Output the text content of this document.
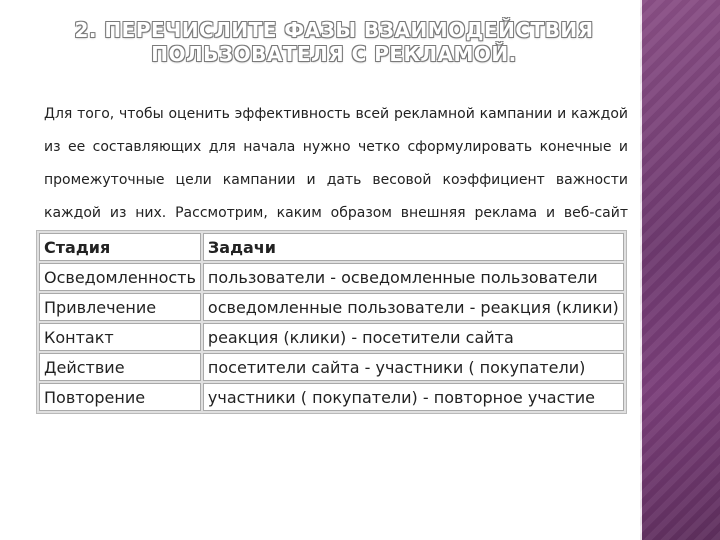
2. ПЕРЕЧИСЛИТЕ ФАЗЫ ВЗАИМОДЕЙСТВИЯ ПОЛЬЗОВАТЕЛЯ С РЕКЛАМОЙ.
Для того, чтобы оценить эффективность всей рекламной кампании и каждой из ее составляющих для начала нужно четко сформулировать конечные и промежуточные цели кампании и дать весовой коэффициент важности каждой из них. Рассмотрим, каким образом внешняя реклама и веб-сайт
Стадия	Задачи
Осведомленность	пользователи - осведомленные пользователи
Привлечение	осведомленные пользователи - реакция (клики)
Контакт	реакция (клики) - посетители сайта
Действие	посетители сайта - участники ( покупатели)
Повторение	участники ( покупатели) - повторное участие
